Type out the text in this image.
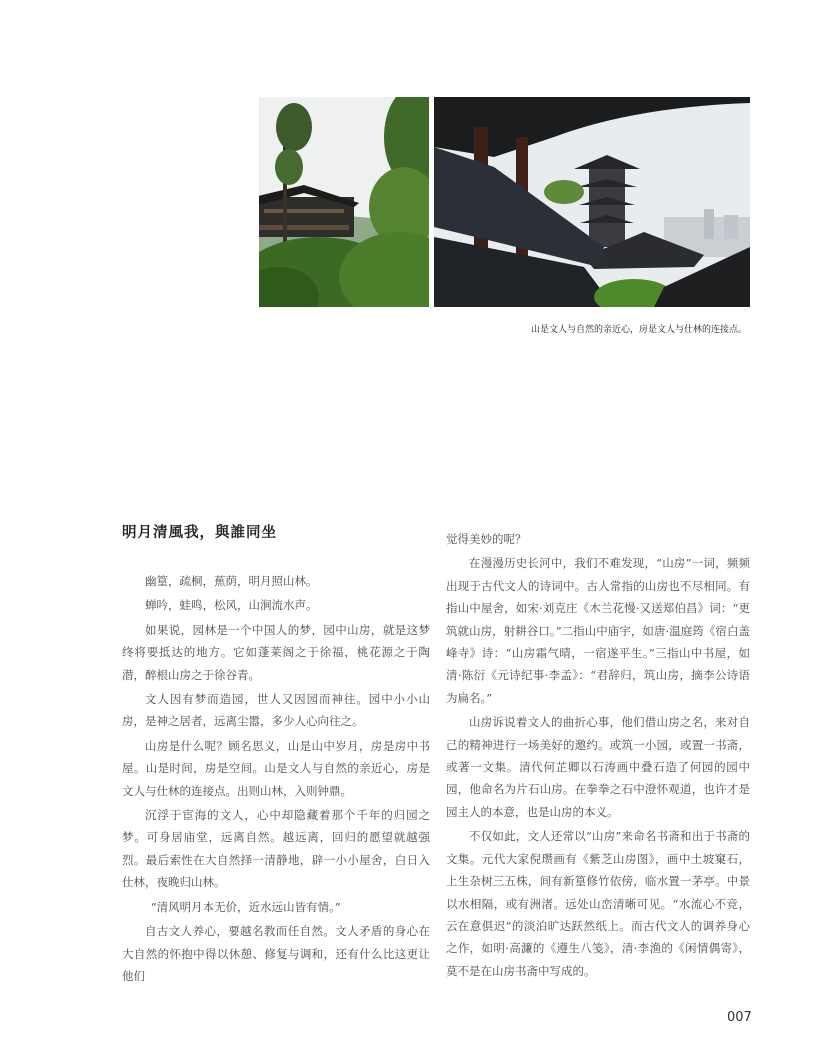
山是文人与自然的亲近心，房是文人与仕林的连接点。
明月清風我，與誰同坐

幽篁，疏桐，蕉荫，明月照山林。

蝉吟，蛙鸣，松风，山涧流水声。

如果说，园林是一个中国人的梦，园中山房，就是这梦终将要抵达的地方。它如蓬莱阁之于徐福，桃花源之于陶潜，醉根山房之于徐谷青。

文人因有梦而造园，世人又因园而神往。园中小小山房，是神之居者，远离尘嚣，多少人心向往之。

山房是什么呢？顾名思义，山是山中岁月，房是房中书屋。山是时间，房是空间。山是文人与自然的亲近心，房是文人与仕林的连接点。出则山林，入则钟鼎。

沉浮于宦海的文人，心中却隐藏着那个千年的归园之梦。可身居庙堂，远离自然。越远离，回归的愿望就越强烈。最后索性在大自然择一清静地，辟一小小屋舍，白日入仕林，夜晚归山林。

“清风明月本无价，近水远山皆有情。”

自古文人养心，要越名教而任自然。文人矛盾的身心在大自然的怀抱中得以休憩、修复与调和，还有什么比这更让他们

觉得美妙的呢？

在漫漫历史长河中，我们不难发现，“山房”一词，频频出现于古代文人的诗词中。古人常指的山房也不尽相同。有指山中屋舍，如宋·刘克庄《木兰花慢·又送郑伯昌》词：“更筑就山房，射耕谷口。”二指山中庙宇，如唐·温庭筠《宿白盖峰寺》诗：“山房霜气晴，一宿遂平生。”三指山中书屋，如清·陈衍《元诗纪事·李孟》：“君辞归，筑山房，摘李公诗语为扁名。”

山房诉说着文人的曲折心事，他们借山房之名，来对自己的精神进行一场美好的邀约。或筑一小园，或置一书斋，或著一文集。清代何芷卿以石涛画中叠石造了何园的园中园，他命名为片石山房。在拳拳之石中澄怀观道，也许才是园主人的本意，也是山房的本义。

不仅如此，文人还常以“山房”来命名书斋和出于书斋的文集。元代大家倪瓒画有《紫芝山房图》，画中土坡窠石，上生杂树三五株，间有新篁修竹依傍，临水置一茅亭。中景以水相隔，或有洲渚。远处山峦清晰可见。“水流心不竞，云在意俱迟”的淡泊旷达跃然纸上。而古代文人的调养身心之作，如明·高濂的《遵生八笺》，清·李渔的《闲情偶寄》，莫不是在山房书斋中写成的。

007
